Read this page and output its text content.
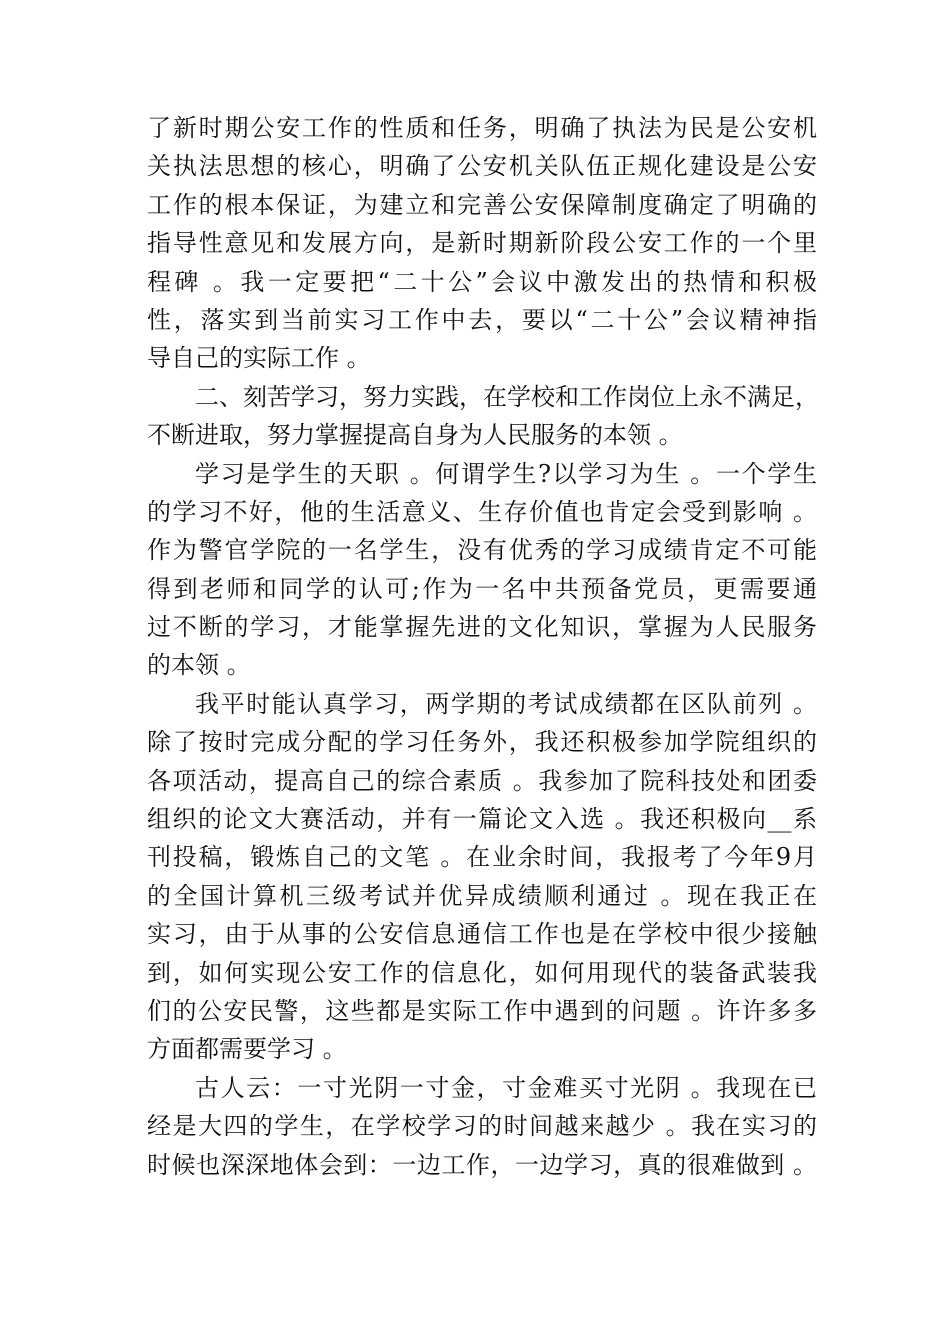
了新时期公安工作的性质和任务，明确了执法为民是公安机
关执法思想的核心，明确了公安机关队伍正规化建设是公安
工作的根本保证，为建立和完善公安保障制度确定了明确的
指导性意见和发展方向，是新时期新阶段公安工作的一个里
程碑 。我一定要把“二十公”会议中激发出的热情和积极
性，落实到当前实习工作中去，要以“二十公”会议精神指
导自己的实际工作 。
二、刻苦学习，努力实践，在学校和工作岗位上永不满足，
不断进取，努力掌握提高自身为人民服务的本领 。
学习是学生的天职 。何谓学生?以学习为生 。一个学生
的学习不好，他的生活意义、生存价值也肯定会受到影响 。
作为警官学院的一名学生，没有优秀的学习成绩肯定不可能
得到老师和同学的认可;作为一名中共预备党员，更需要通
过不断的学习，才能掌握先进的文化知识，掌握为人民服务
的本领 。
我平时能认真学习，两学期的考试成绩都在区队前列 。
除了按时完成分配的学习任务外，我还积极参加学院组织的
各项活动，提高自己的综合素质 。我参加了院科技处和团委
组织的论文大赛活动，并有一篇论文入选 。我还积极向__系
刊投稿，锻炼自己的文笔 。在业余时间，我报考了今年9月
的全国计算机三级考试并优异成绩顺利通过 。现在我正在
实习，由于从事的公安信息通信工作也是在学校中很少接触
到，如何实现公安工作的信息化，如何用现代的装备武装我
们的公安民警，这些都是实际工作中遇到的问题 。许许多多
方面都需要学习 。
古人云：一寸光阴一寸金，寸金难买寸光阴 。我现在已
经是大四的学生，在学校学习的时间越来越少 。我在实习的
时候也深深地体会到：一边工作，一边学习，真的很难做到 。
